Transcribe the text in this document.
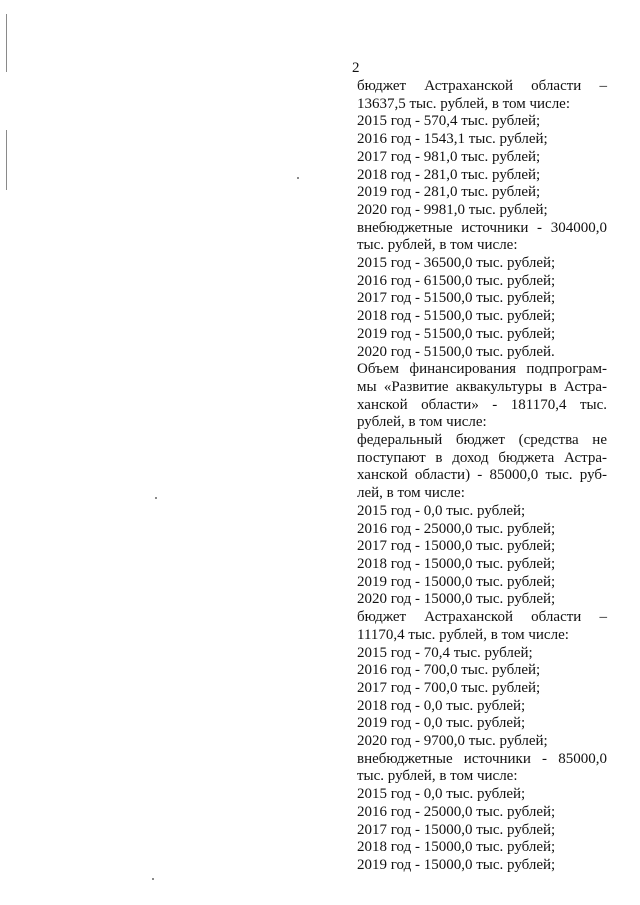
2
бюджет Астраханской области –
13637,5 тыс. рублей, в том числе:
2015 год - 570,4 тыс. рублей;
2016 год - 1543,1 тыс. рублей;
2017 год - 981,0 тыс. рублей;
2018 год - 281,0 тыс. рублей;
2019 год - 281,0 тыс. рублей;
2020 год - 9981,0 тыс. рублей;
внебюджетные источники - 304000,0
тыс. рублей, в том числе:
2015 год - 36500,0 тыс. рублей;
2016 год - 61500,0 тыс. рублей;
2017 год - 51500,0 тыс. рублей;
2018 год - 51500,0 тыс. рублей;
2019 год - 51500,0 тыс. рублей;
2020 год - 51500,0 тыс. рублей.
Объем финансирования подпрограм-
мы «Развитие аквакультуры в Астра-
ханской области» - 181170,4 тыс.
рублей, в том числе:
федеральный бюджет (средства не
поступают в доход бюджета Астра-
ханской области) - 85000,0 тыс. руб-
лей, в том числе:
2015 год - 0,0 тыс. рублей;
2016 год - 25000,0 тыс. рублей;
2017 год - 15000,0 тыс. рублей;
2018 год - 15000,0 тыс. рублей;
2019 год - 15000,0 тыс. рублей;
2020 год - 15000,0 тыс. рублей;
бюджет Астраханской области –
11170,4 тыс. рублей, в том числе:
2015 год - 70,4 тыс. рублей;
2016 год - 700,0 тыс. рублей;
2017 год - 700,0 тыс. рублей;
2018 год - 0,0 тыс. рублей;
2019 год - 0,0 тыс. рублей;
2020 год - 9700,0 тыс. рублей;
внебюджетные источники - 85000,0
тыс. рублей, в том числе:
2015 год - 0,0 тыс. рублей;
2016 год - 25000,0 тыс. рублей;
2017 год - 15000,0 тыс. рублей;
2018 год - 15000,0 тыс. рублей;
2019 год - 15000,0 тыс. рублей;
